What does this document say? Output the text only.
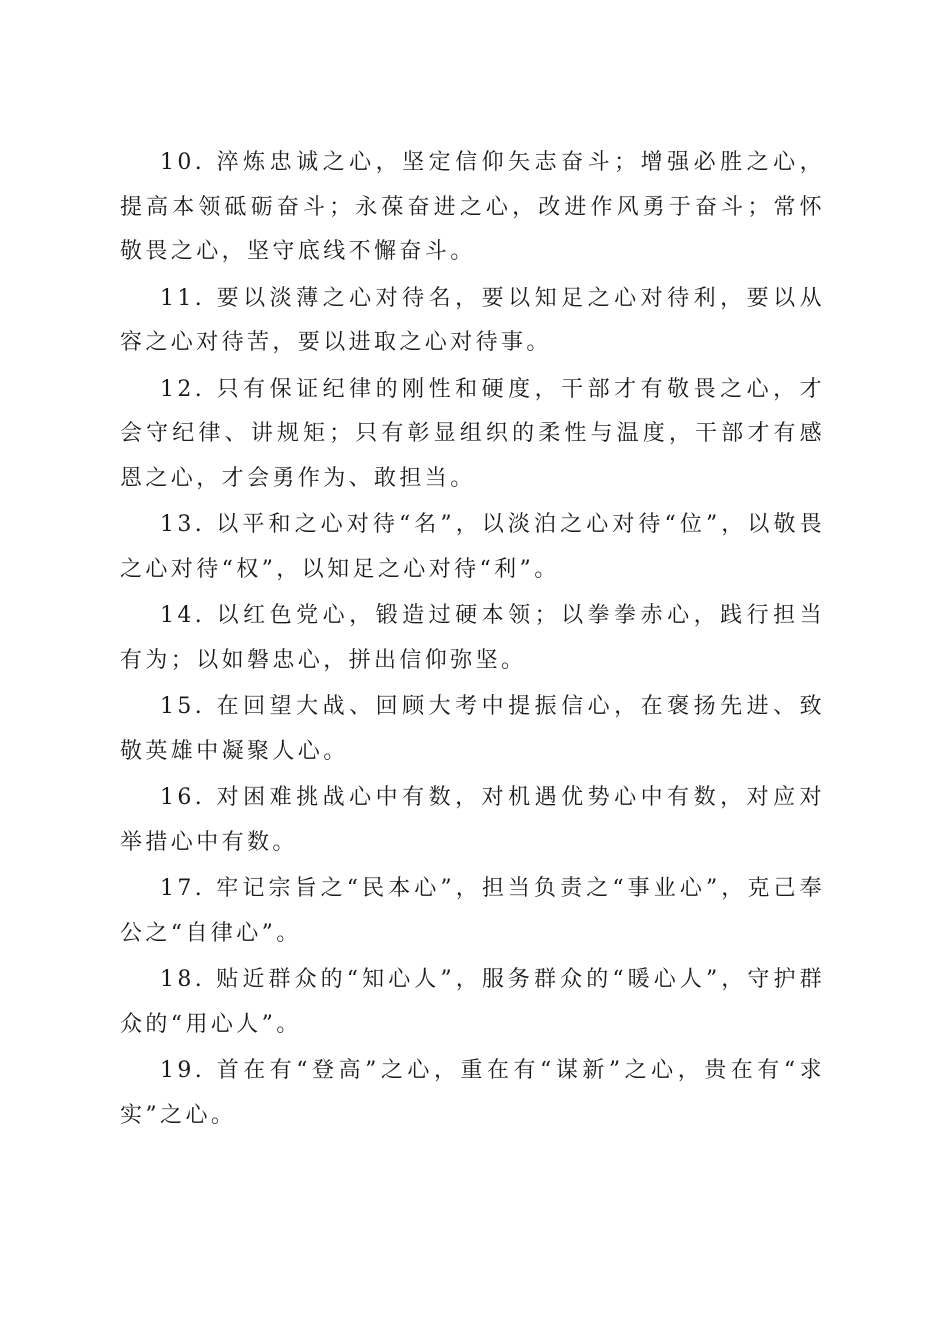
10. 淬炼忠诚之心，坚定信仰矢志奋斗；增强必胜之心，提高本领砥砺奋斗；永葆奋进之心，改进作风勇于奋斗；常怀敬畏之心，坚守底线不懈奋斗。

11. 要以淡薄之心对待名，要以知足之心对待利，要以从容之心对待苦，要以进取之心对待事。

12. 只有保证纪律的刚性和硬度，干部才有敬畏之心，才会守纪律、讲规矩；只有彰显组织的柔性与温度，干部才有感恩之心，才会勇作为、敢担当。

13. 以平和之心对待“名”，以淡泊之心对待“位”，以敬畏之心对待“权”，以知足之心对待“利”。

14. 以红色党心，锻造过硬本领；以拳拳赤心，践行担当有为；以如磐忠心，拼出信仰弥坚。

15. 在回望大战、回顾大考中提振信心，在褒扬先进、致敬英雄中凝聚人心。

16. 对困难挑战心中有数，对机遇优势心中有数，对应对举措心中有数。

17. 牢记宗旨之“民本心”，担当负责之“事业心”，克己奉公之“自律心”。

18. 贴近群众的“知心人”，服务群众的“暖心人”，守护群众的“用心人”。

19. 首在有“登高”之心，重在有“谋新”之心，贵在有“求实”之心。
